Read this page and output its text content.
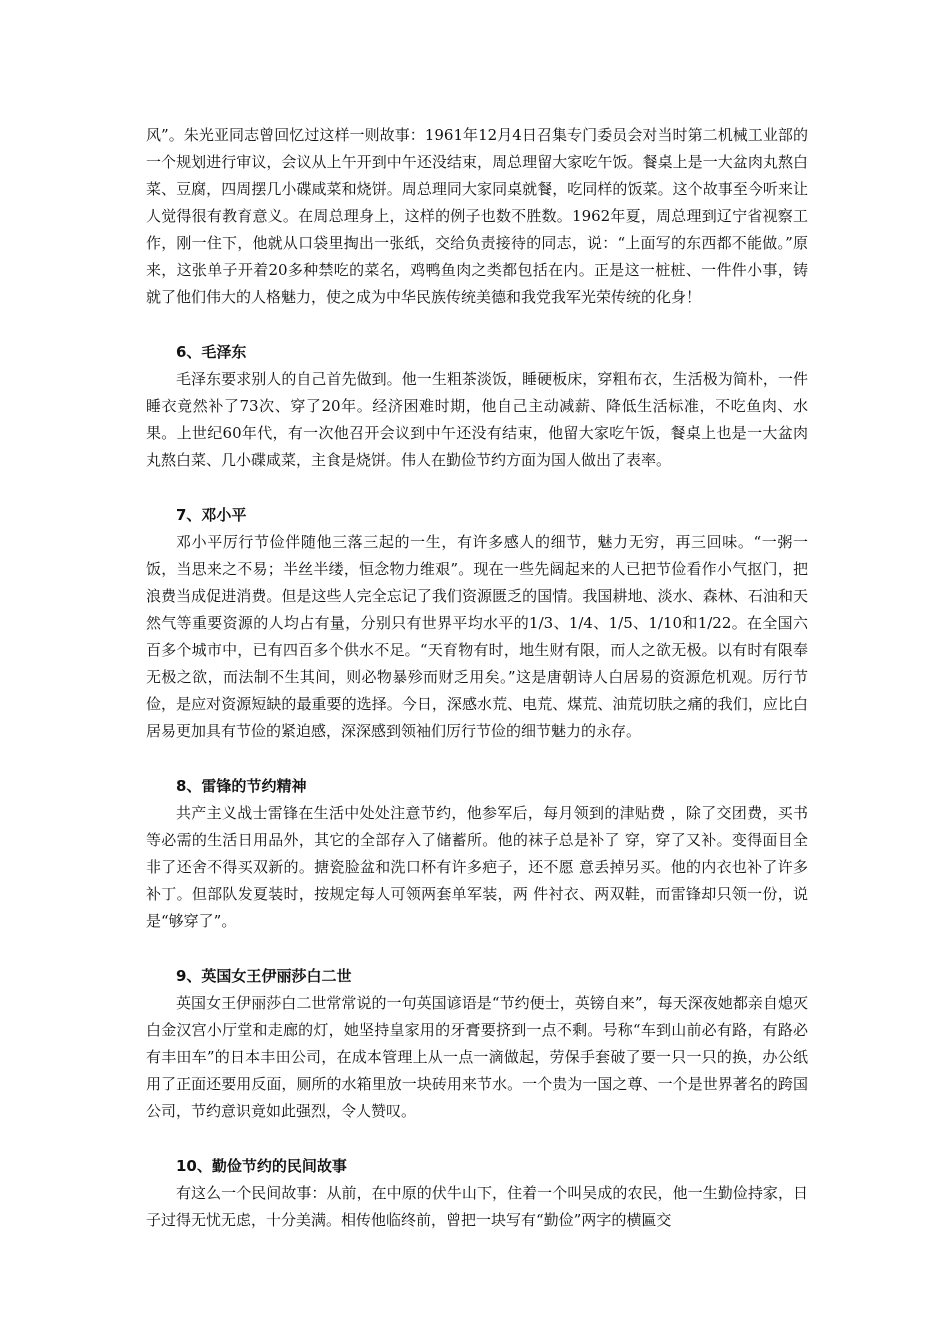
风”。朱光亚同志曾回忆过这样一则故事：1961年12月4日召集专门委员会对当时第二机械工业部的一个规划进行审议，会议从上午开到中午还没结束，周总理留大家吃午饭。餐桌上是一大盆肉丸熬白菜、豆腐，四周摆几小碟咸菜和烧饼。周总理同大家同桌就餐，吃同样的饭菜。这个故事至今听来让人觉得很有教育意义。在周总理身上，这样的例子也数不胜数。1962年夏，周总理到辽宁省视察工作，刚一住下，他就从口袋里掏出一张纸，交给负责接待的同志，说：“上面写的东西都不能做。”原来，这张单子开着20多种禁吃的菜名，鸡鸭鱼肉之类都包括在内。正是这一桩桩、一件件小事，铸就了他们伟大的人格魅力，使之成为中华民族传统美德和我党我军光荣传统的化身！

6、毛泽东

毛泽东要求别人的自己首先做到。他一生粗茶淡饭，睡硬板床，穿粗布衣，生活极为简朴，一件睡衣竟然补了73次、穿了20年。经济困难时期，他自己主动减薪、降低生活标准，不吃鱼肉、水果。上世纪60年代，有一次他召开会议到中午还没有结束，他留大家吃午饭，餐桌上也是一大盆肉丸熬白菜、几小碟咸菜，主食是烧饼。伟人在勤俭节约方面为国人做出了表率。

7、邓小平

邓小平厉行节俭伴随他三落三起的一生，有许多感人的细节，魅力无穷，再三回味。“一粥一饭，当思来之不易；半丝半缕，恒念物力维艰”。现在一些先阔起来的人已把节俭看作小气抠门，把浪费当成促进消费。但是这些人完全忘记了我们资源匮乏的国情。我国耕地、淡水、森林、石油和天然气等重要资源的人均占有量，分别只有世界平均水平的1/3、1/4、1/5、1/10和1/22。在全国六百多个城市中，已有四百多个供水不足。“天育物有时，地生财有限，而人之欲无极。以有时有限奉无极之欲，而法制不生其间，则必物暴殄而财乏用矣。”这是唐朝诗人白居易的资源危机观。厉行节俭，是应对资源短缺的最重要的选择。今日，深感水荒、电荒、煤荒、油荒切肤之痛的我们，应比白居易更加具有节俭的紧迫感，深深感到领袖们厉行节俭的细节魅力的永存。

8、雷锋的节约精神

共产主义战士雷锋在生活中处处注意节约，他参军后，每月领到的津贴费 ，除了交团费，买书等必需的生活日用品外，其它的全部存入了储蓄所。他的袜子总是补了 穿，穿了又补。变得面目全非了还舍不得买双新的。搪瓷脸盆和洗口杯有许多疤子，还不愿 意丢掉另买。他的内衣也补了许多补丁。但部队发夏装时，按规定每人可领两套单军装，两 件衬衣、两双鞋，而雷锋却只领一份，说是“够穿了”。

9、英国女王伊丽莎白二世

英国女王伊丽莎白二世常常说的一句英国谚语是“节约便士，英镑自来”，每天深夜她都亲自熄灭白金汉宫小厅堂和走廊的灯，她坚持皇家用的牙膏要挤到一点不剩。号称“车到山前必有路，有路必有丰田车”的日本丰田公司，在成本管理上从一点一滴做起，劳保手套破了要一只一只的换，办公纸用了正面还要用反面，厕所的水箱里放一块砖用来节水。一个贵为一国之尊、一个是世界著名的跨国公司，节约意识竟如此强烈，令人赞叹。

10、勤俭节约的民间故事

有这么一个民间故事：从前，在中原的伏牛山下，住着一个叫吴成的农民，他一生勤俭持家，日子过得无忧无虑，十分美满。相传他临终前，曾把一块写有“勤俭”两字的横匾交
